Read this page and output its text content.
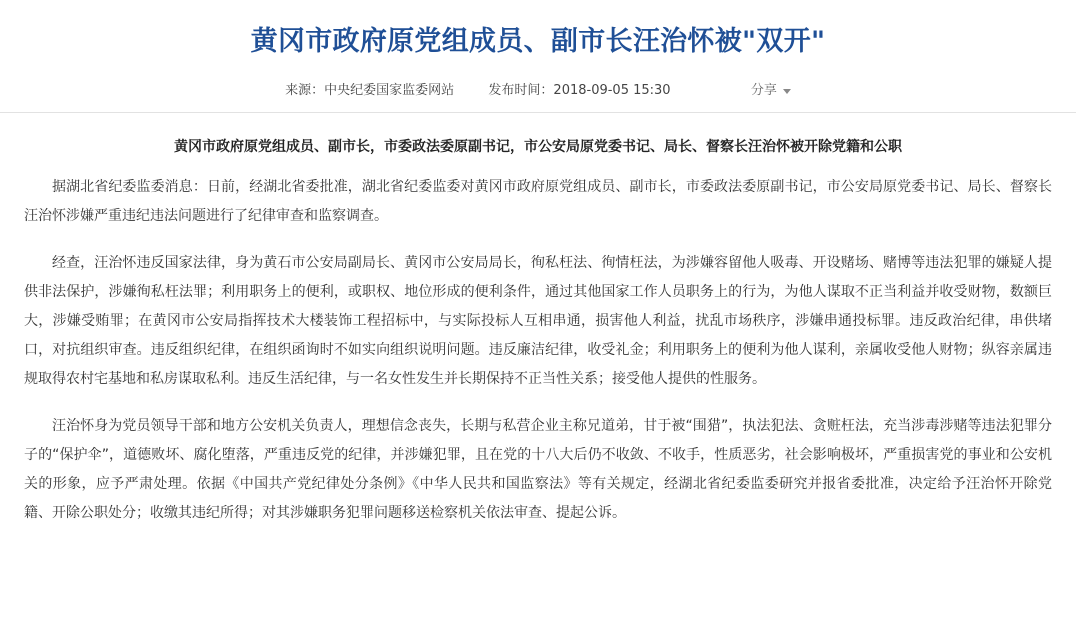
黄冈市政府原党组成员、副市长汪治怀被"双开"
来源：中央纪委国家监委网站	发布时间：2018-09-05 15:30	分享

黄冈市政府原党组成员、副市长，市委政法委原副书记，市公安局原党委书记、局长、督察长汪治怀被开除党籍和公职

据湖北省纪委监委消息：日前，经湖北省委批准，湖北省纪委监委对黄冈市政府原党组成员、副市长，市委政法委原副书记，市公安局原党委书记、局长、督察长汪治怀涉嫌严重违纪违法问题进行了纪律审查和监察调查。

经查，汪治怀违反国家法律，身为黄石市公安局副局长、黄冈市公安局局长，徇私枉法、徇情枉法，为涉嫌容留他人吸毒、开设赌场、赌博等违法犯罪的嫌疑人提供非法保护，涉嫌徇私枉法罪；利用职务上的便利，或职权、地位形成的便利条件，通过其他国家工作人员职务上的行为，为他人谋取不正当利益并收受财物，数额巨大，涉嫌受贿罪；在黄冈市公安局指挥技术大楼装饰工程招标中，与实际投标人互相串通，损害他人利益，扰乱市场秩序，涉嫌串通投标罪。违反政治纪律，串供堵口，对抗组织审查。违反组织纪律，在组织函询时不如实向组织说明问题。违反廉洁纪律，收受礼金；利用职务上的便利为他人谋利，亲属收受他人财物；纵容亲属违规取得农村宅基地和私房谋取私利。违反生活纪律，与一名女性发生并长期保持不正当性关系；接受他人提供的性服务。

汪治怀身为党员领导干部和地方公安机关负责人，理想信念丧失，长期与私营企业主称兄道弟，甘于被“围猎”，执法犯法、贪赃枉法，充当涉毒涉赌等违法犯罪分子的“保护伞”，道德败坏、腐化堕落，严重违反党的纪律，并涉嫌犯罪，且在党的十八大后仍不收敛、不收手，性质恶劣，社会影响极坏，严重损害党的事业和公安机关的形象，应予严肃处理。依据《中国共产党纪律处分条例》《中华人民共和国监察法》等有关规定，经湖北省纪委监委研究并报省委批准，决定给予汪治怀开除党籍、开除公职处分；收缴其违纪所得；对其涉嫌职务犯罪问题移送检察机关依法审查、提起公诉。
